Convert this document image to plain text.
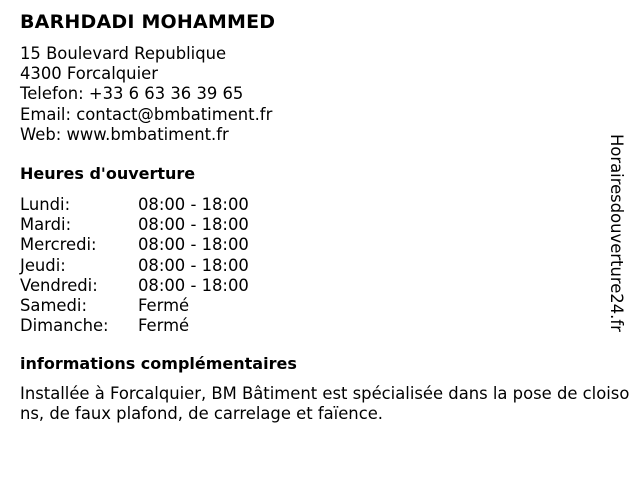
BARHDADI MOHAMMED
15 Boulevard Republique
4300 Forcalquier
Telefon: +33 6 63 36 39 65
Email: contact@bmbatiment.fr
Web: www.bmbatiment.fr
Heures d'ouverture
Lundi:	08:00 - 18:00
Mardi:	08:00 - 18:00
Mercredi:	08:00 - 18:00
Jeudi:	08:00 - 18:00
Vendredi:	08:00 - 18:00
Samedi:	Fermé
Dimanche:	Fermé
informations complémentaires
Installée à Forcalquier, BM Bâtiment est spécialisée dans la pose de cloisons, de faux plafond, de carrelage et faïence.
Horairesdouverture24.fr
